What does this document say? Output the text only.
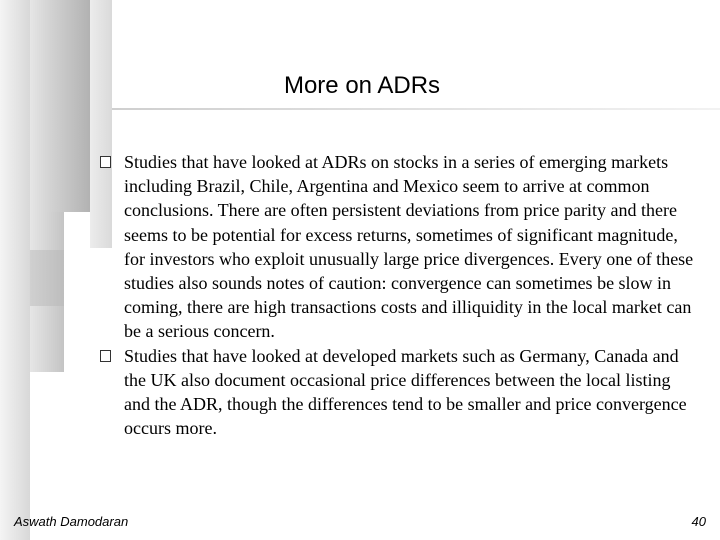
More on ADRs
Studies that have looked at ADRs on stocks in a series of emerging markets including Brazil, Chile, Argentina and Mexico seem to arrive at common conclusions. There are often persistent deviations from price parity and there seems to be potential for excess returns, sometimes of significant magnitude, for investors who exploit unusually large price divergences. Every one of these studies also sounds notes of caution: convergence can sometimes be slow in coming, there are high transactions costs and illiquidity in the local market can be a serious concern.
Studies that have looked at developed markets such as Germany, Canada and the UK also document occasional price differences between the local listing and the ADR, though the differences tend to be smaller and price convergence occurs more.
Aswath Damodaran	40
